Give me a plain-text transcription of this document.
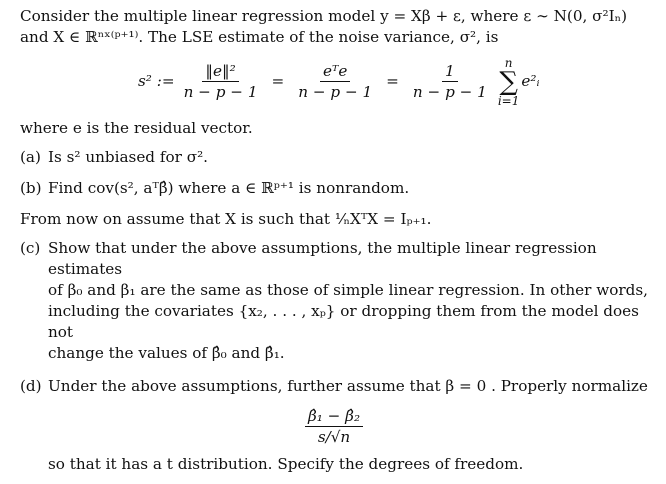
Consider the multiple linear regression model y = Xβ + ε, where ε ∼ N(0, σ²Iₙ)

and X ∈ ℝⁿˣ⁽ᵖ⁺¹⁾. The LSE estimate of the noise variance, σ², is

s² := $\frac{\text{‖e‖²}}{n - p - 1} = \frac{\text{eᵀe}}{n - p - 1} = \frac{1}{n - p - 1}$ n
∑
i=1
e²ᵢ

where e is the residual vector.

(a) Is s² unbiased for σ².
(b) Find cov(s², aᵀβ̂) where a ∈ ℝᵖ⁺¹ is nonrandom.

From now on assume that X is such that ¹⁄ₙXᵀX = Iₚ₊₁.

(c) Show that under the above assumptions, the multiple linear regression estimates
of β₀ and β₁ are the same as those of simple linear regression. In other words,
including the covariates {x₂, . . . , xₚ} or dropping them from the model does not
change the values of β̂₀ and β̂₁.
(d) Under the above assumptions, further assume that β = 0 . Properly normalize
$\frac{\text{β̂₁ − β̂₂}}{s/√n}$
so that it has a t distribution. Specify the degrees of freedom.
